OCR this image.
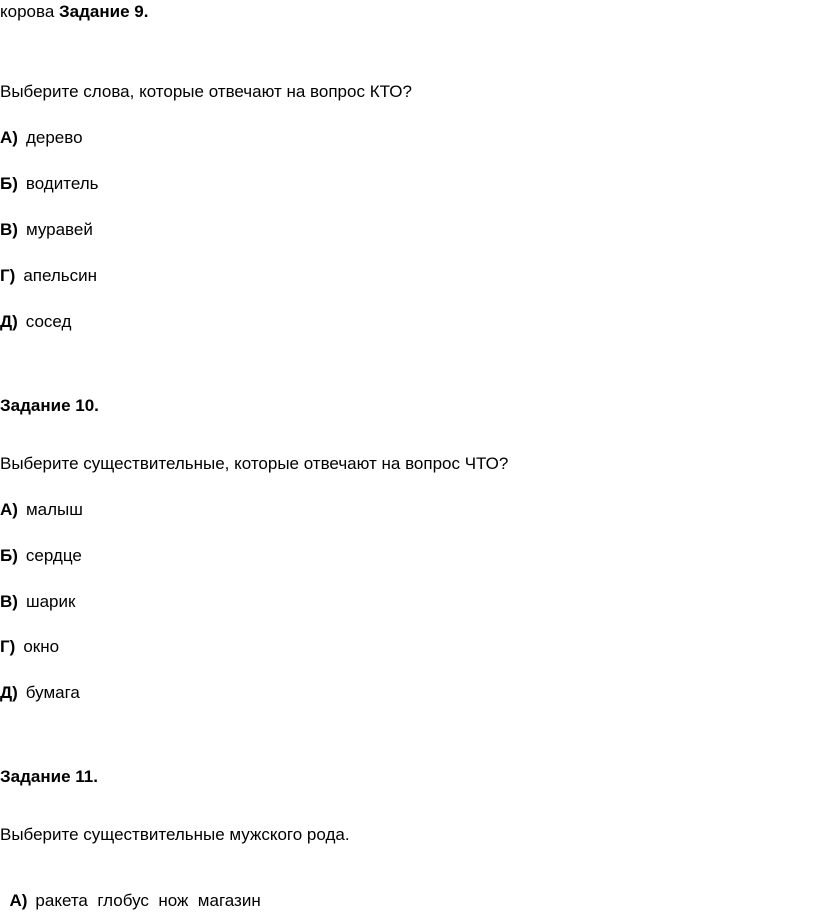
корова Задание 9.
Выберите слова, которые отвечают на вопрос КТО?
А) дерево
Б) водитель
В) муравей
Г) апельсин
Д) сосед
Задание 10.
Выберите существительные, которые отвечают на вопрос ЧТО?
А) малыш
Б) сердце
В) шарик
Г) окно
Д) бумага
Задание 11.
Выберите существительные мужского рода.

А) ракета  глобус  нож  магазин
